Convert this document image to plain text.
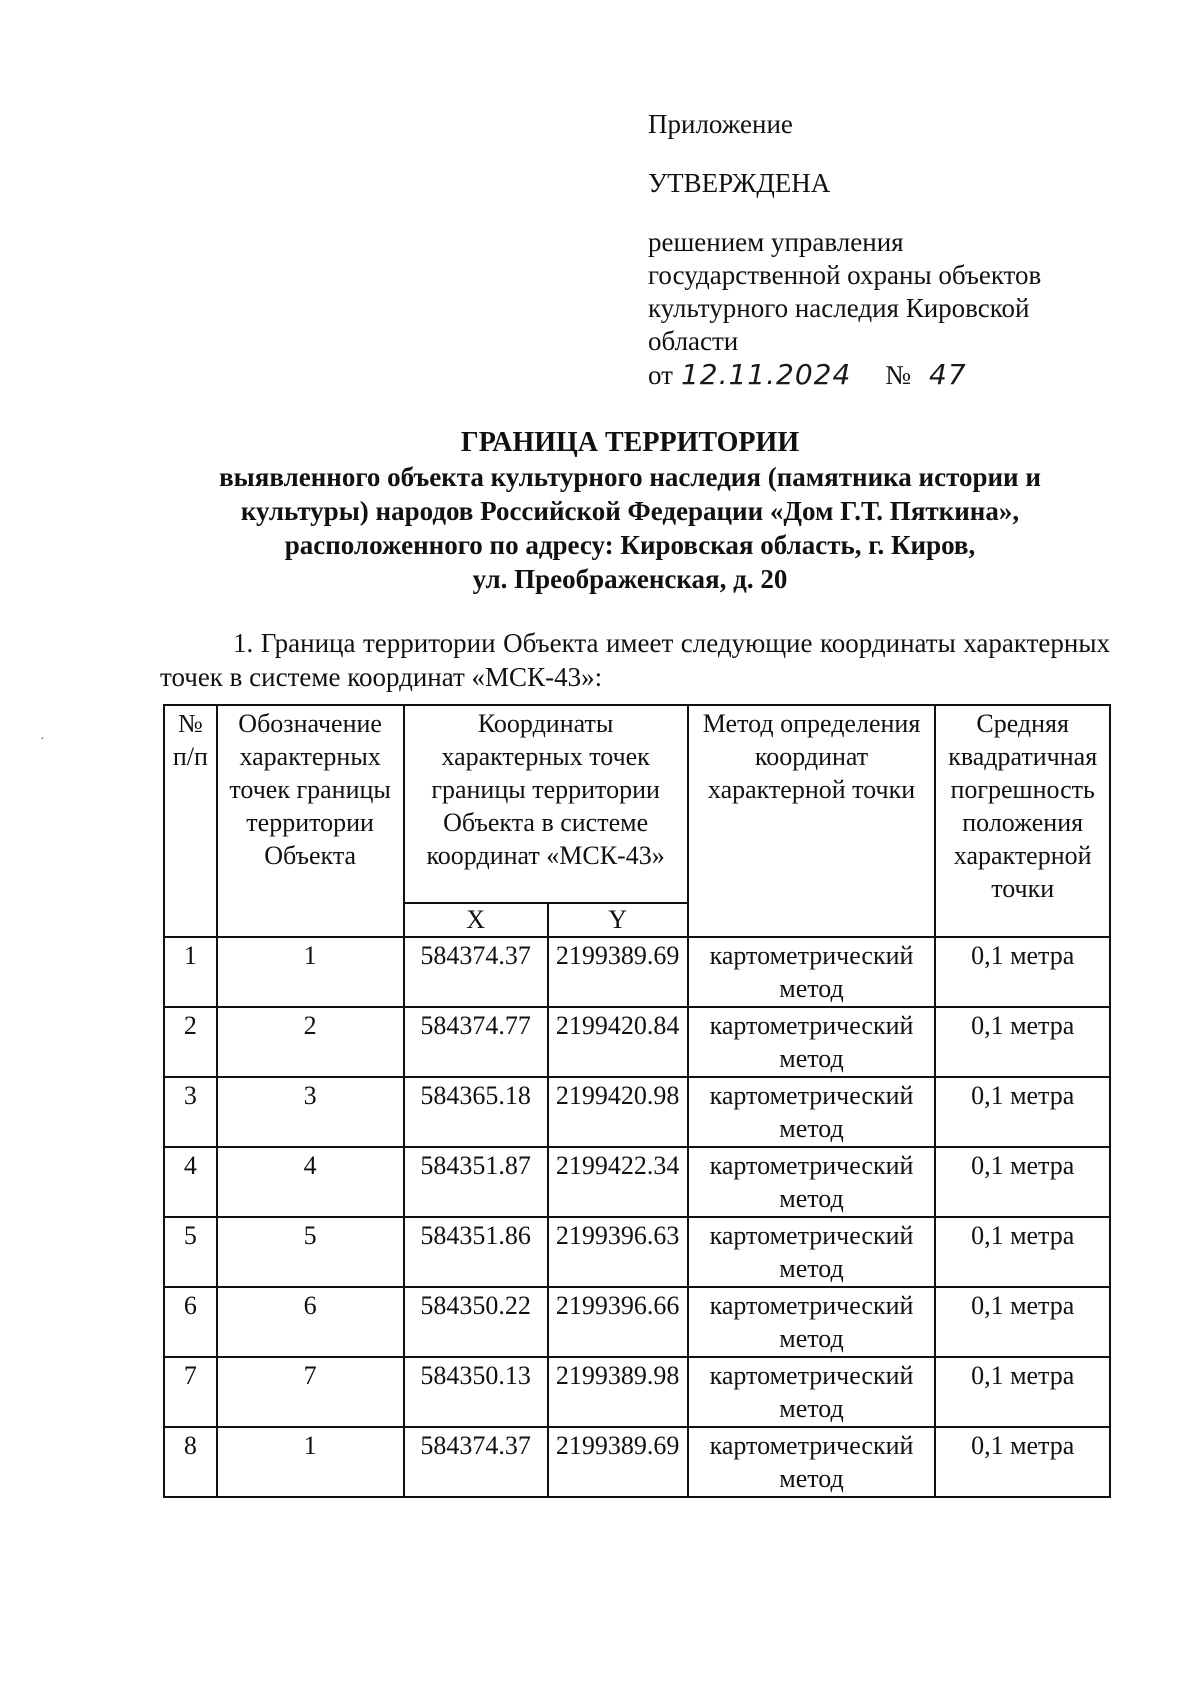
Приложение

УТВЕРЖДЕНА

решением управления

государственной охраны объектов

культурного наследия Кировской

области

от 12.11.2024 № 47

ГРАНИЦА ТЕРРИТОРИИ

выявленного объекта культурного наследия (памятника истории и

культуры) народов Российской Федерации «Дом Г.Т. Пяткина»,

расположенного по адресу: Кировская область, г. Киров,

ул. Преображенская, д. 20

1. Граница территории Объекта имеет следующие координаты характерных точек в системе координат «МСК-43»:

№ п/п	Обозначение характерных точек границы территории Объекта	Координаты характерных точек границы территории Объекта в системе координат «МСК-43»		Метод определения координат характерной точки	Средняя квадратичная погрешность положения характерной точки
		X	Y		
1	1	584374.37	2199389.69	картометрический метод	0,1 метра
2	2	584374.77	2199420.84	картометрический метод	0,1 метра
3	3	584365.18	2199420.98	картометрический метод	0,1 метра
4	4	584351.87	2199422.34	картометрический метод	0,1 метра
5	5	584351.86	2199396.63	картометрический метод	0,1 метра
6	6	584350.22	2199396.66	картометрический метод	0,1 метра
7	7	584350.13	2199389.98	картометрический метод	0,1 метра
8	1	584374.37	2199389.69	картометрический метод	0,1 метра
·
